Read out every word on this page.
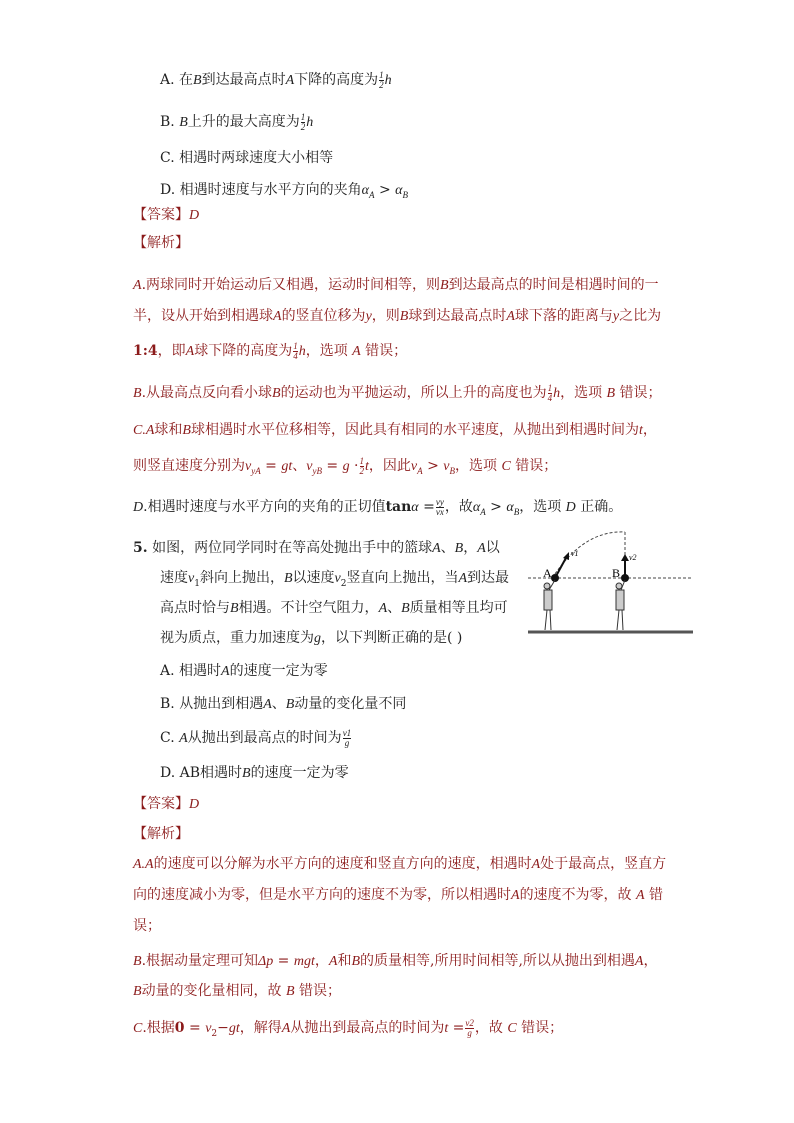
A. 在B到达最高点时A下降的高度为 $\frac{1}{2}$ h
B. B上升的最大高度为 $\frac{1}{2}$ h
C. 相遇时两球速度大小相等
D. 相遇时速度与水平方向的夹角$\alpha_A > \alpha_B$
【答案】D
【解析】
A.两球同时开始运动后又相遇，运动时间相等，则B到达最高点的时间是相遇时间的一
半，设从开始到相遇球A的竖直位移为y，则B球到达最高点时A球下落的距离与y之比为
1:4，即A球下降的高度为 $\frac{1}{4}$ h，选项 A 错误；
B.从最高点反向看小球B的运动也为平抛运动，所以上升的高度也为 $\frac{1}{4}$ h，选项 B 错误；
C.A球和B球相遇时水平位移相等，因此具有相同的水平速度，从抛出到相遇时间为t，
则竖直速度分别为$v_{yA}$ = gt、$v_{yB} = g \cdot \frac{1}{2}$ t，因此$v_A > v_B$，选项 C 错误；
D.相遇时速度与水平方向的夹角的正切值$\tan\alpha = \frac{vy}{vx}$ ，故$\alpha_A > \alpha_B$，选项 D 正确。
5. 如图，两位同学同时在等高处抛出手中的篮球A、B，A以
速度$v_1$斜向上抛出，B以速度$v_2$竖直向上抛出，当A到达最
高点时恰与B相遇。不计空气阻力，A、B质量相等且均可
视为质点，重力加速度为g，以下判断正确的是( )
A. 相遇时A的速度一定为零
B. 从抛出到相遇A、B动量的变化量不同
C. A从抛出到最高点的时间为 $\frac{v1}{g}$
D. AB相遇时B的速度一定为零
【答案】D
【解析】
A.A的速度可以分解为水平方向的速度和竖直方向的速度，相遇时A处于最高点，竖直方
向的速度减小为零，但是水平方向的速度不为零，所以相遇时A的速度不为零，故 A 错
误；
B.根据动量定理可知Δp = mgt，A和B的质量相等,所用时间相等,所以从抛出到相遇A，
B动量的变化量相同，故 B 错误；
C.根据$0 = v_2-gt$，解得A从抛出到最高点的时间为$t = \frac{v2}{g}$ ，故 C 错误；
A	B
v1	v2
